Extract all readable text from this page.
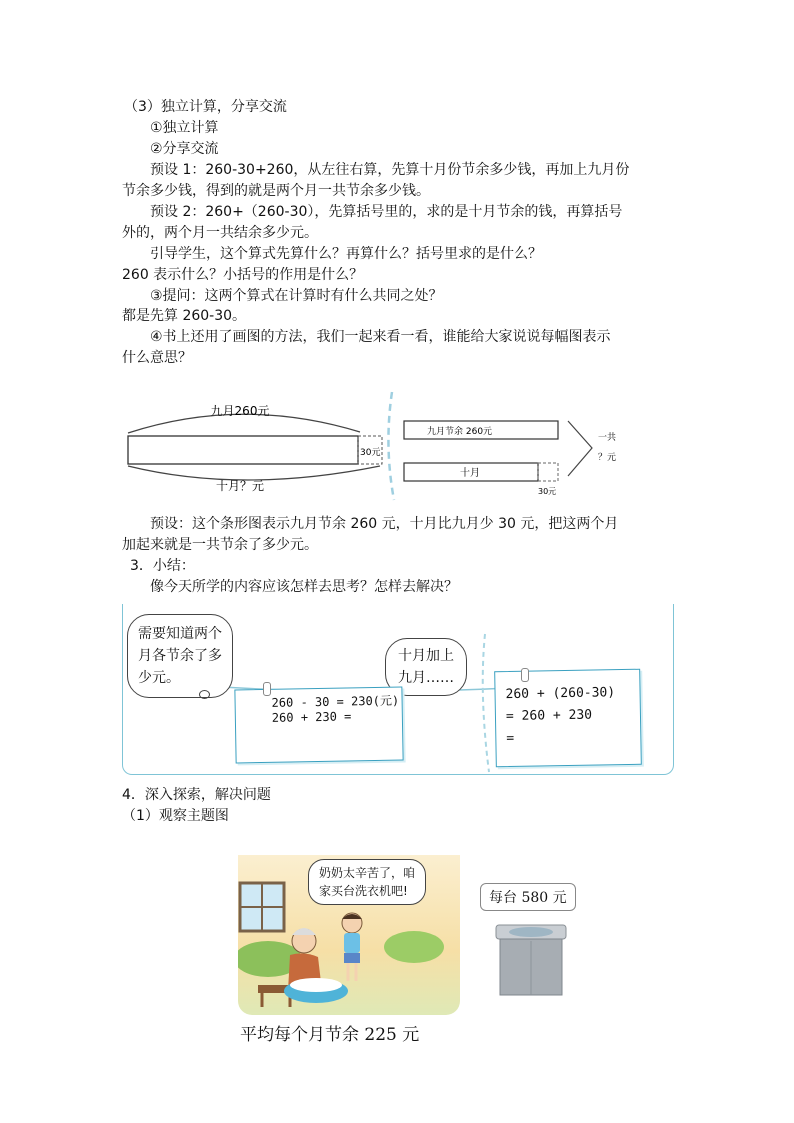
（3）独立计算，分享交流
①独立计算
②分享交流
预设 1：260-30+260，从左往右算，先算十月份节余多少钱，再加上九月份
节余多少钱，得到的就是两个月一共节余多少钱。
预设 2：260+（260-30），先算括号里的，求的是十月节余的钱，再算括号
外的，两个月一共结余多少元。
引导学生，这个算式先算什么？再算什么？括号里求的是什么？
260 表示什么？小括号的作用是什么？
③提问：这两个算式在计算时有什么共同之处？
都是先算 260-30。
④书上还用了画图的方法，我们一起来看一看，谁能给大家说说每幅图表示
什么意思？
九月260元
30元
十月？元
九月节余 260元
十月
30元
一共
？元
预设：这个条形图表示九月节余 260 元，十月比九月少 30 元，把这两个月
加起来就是一共节余了多少元。
3．小结：
像今天所学的内容应该怎样去思考？怎样去解决？
需要知道两个
月各节余了多
少元。
十月加上
九月……
260 - 30 = 230(元)
260 + 230 =
260 + (260-30)
= 260 + 230
=
4．深入探索，解决问题
（1）观察主题图
奶奶太辛苦了，咱
家买台洗衣机吧!	每台 580 元
平均每个月节余 225 元
